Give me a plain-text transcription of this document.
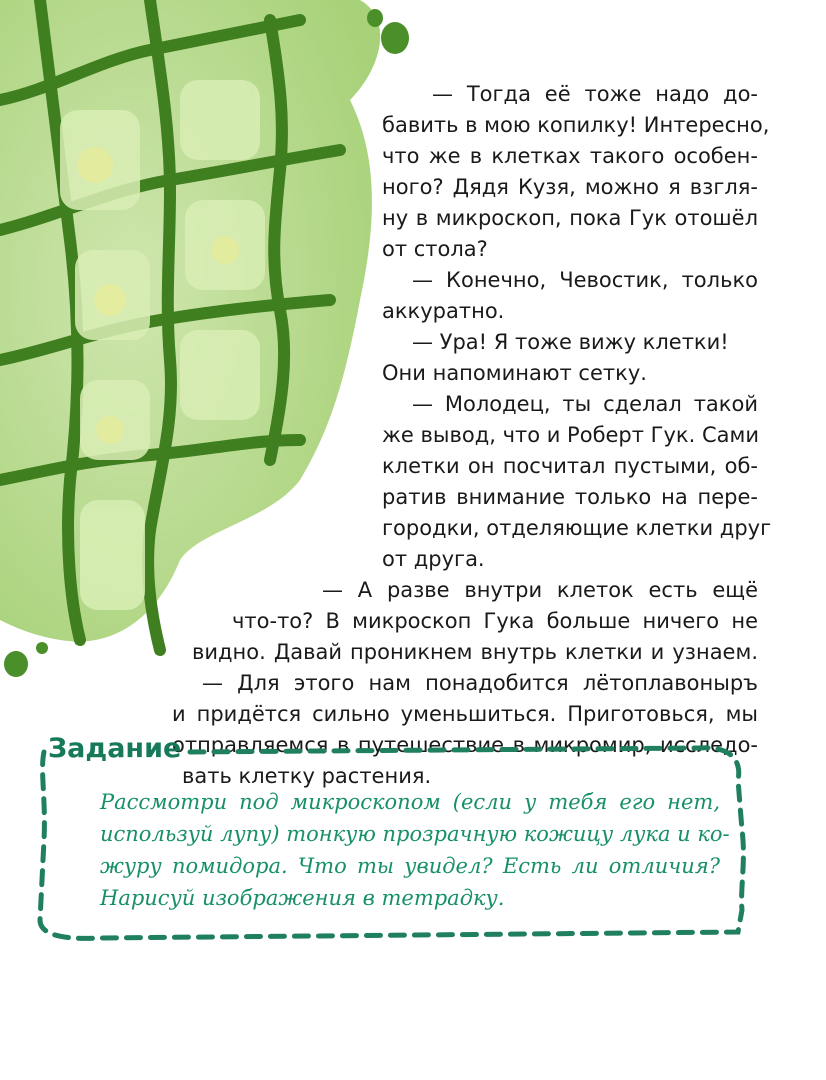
— Тогда её тоже надо до-
бавить в мою копилку! Интересно,
что же в клетках такого особен-
ного? Дядя Кузя, можно я взгля-
ну в микроскоп, пока Гук отошёл
от стола?
— Конечно, Чевостик, только
аккуратно.
— Ура! Я тоже вижу клетки!
Они напоминают сетку.
— Молодец, ты сделал такой
же вывод, что и Роберт Гук. Сами
клетки он посчитал пустыми, об-
ратив внимание только на пере-
городки, отделяющие клетки друг
от друга.
— А разве внутри клеток есть ещё
что-то? В микроскоп Гука больше ничего не
видно. Давай проникнем внутрь клетки и узнаем.
— Для этого нам понадобится лётоплавоныръ
и придётся сильно уменьшиться. Приготовься, мы
отправляемся в путешествие в микромир, исследо-
вать клетку растения.
Задание
Рассмотри под микроскопом (если у тебя его нет,
используй лупу) тонкую прозрачную кожицу лука и ко-
журу помидора. Что ты увидел? Есть ли отличия?
Нарисуй изображения в тетрадку.
